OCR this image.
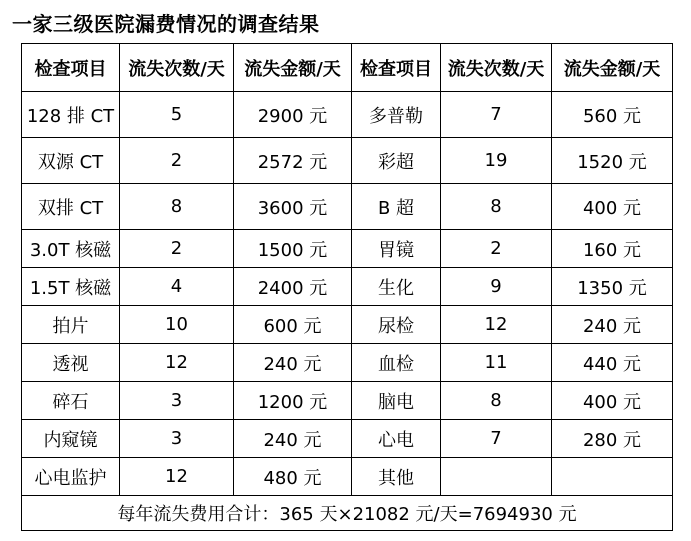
一家三级医院漏费情况的调查结果
检查项目	流失次数/天	流失金额/天	检查项目	流失次数/天	流失金额/天
128 排 CT	5	2900 元	多普勒	7	560 元
双源 CT	2	2572 元	彩超	19	1520 元
双排 CT	8	3600 元	B 超	8	400 元
3.0T 核磁	2	1500 元	胃镜	2	160 元
1.5T 核磁	4	2400 元	生化	9	1350 元
拍片	10	600 元	尿检	12	240 元
透视	12	240 元	血检	11	440 元
碎石	3	1200 元	脑电	8	400 元
内窥镜	3	240 元	心电	7	280 元
心电监护	12	480 元	其他		
每年流失费用合计：365 天×21082 元/天=7694930 元					
